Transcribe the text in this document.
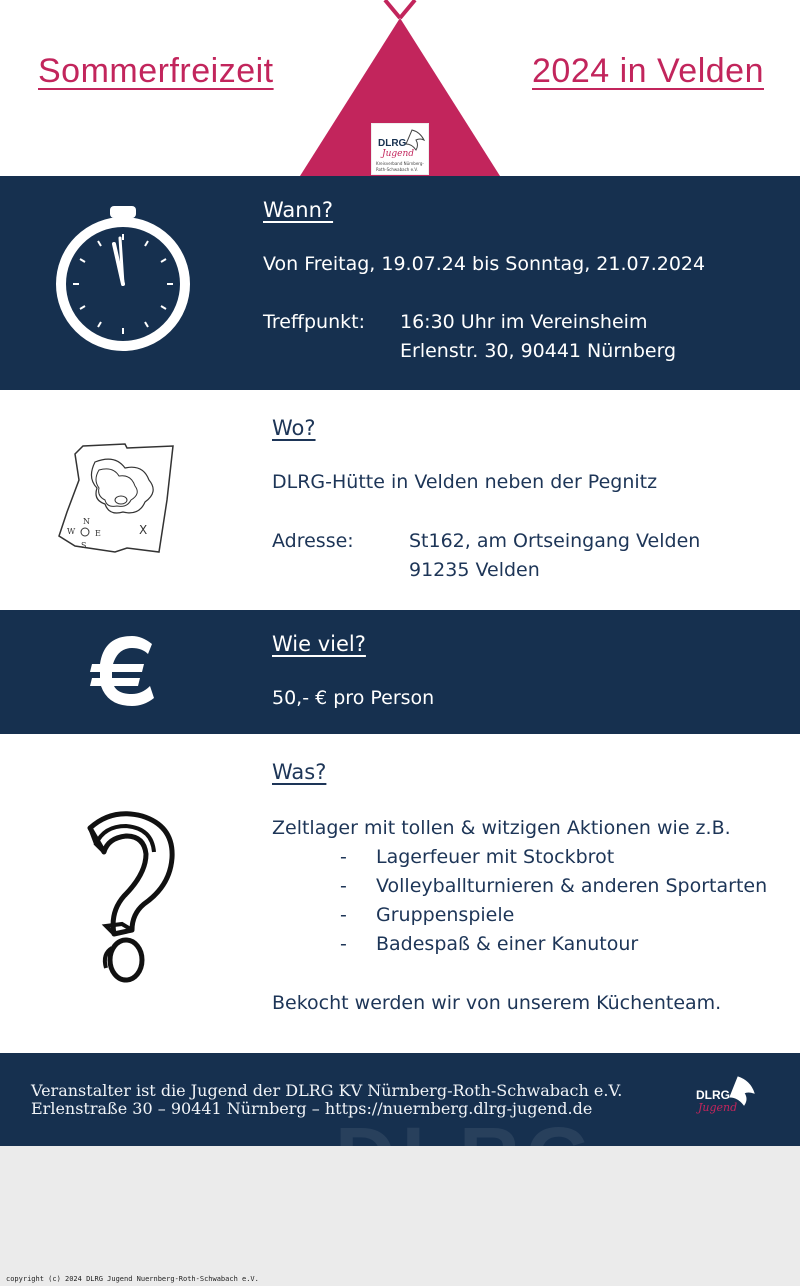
Sommerfreizeit	2024 in Velden
DLRG
Jugend
Kreisverband Nürnberg-
Roth-Schwabach e.V.
Wann?
Von Freitag, 19.07.24 bis Sonntag, 21.07.2024
Treffpunkt: 16:30 Uhr im Vereinsheim
Erlenstr. 30, 90441 Nürnberg
N
W E
S
X
Wo?
DLRG-Hütte in Velden neben der Pegnitz
Adresse:	St162, am Ortseingang Velden
91235 Velden
Wie viel?
50,- € pro Person
Was?
Zeltlager mit tollen & witzigen Aktionen wie z.B.
-	Lagerfeuer mit Stockbrot
-	Volleyballturnieren & anderen Sportarten
-	Gruppenspiele
-	Badespaß & einer Kanutour
Bekocht werden wir von unserem Küchenteam.
Veranstalter ist die Jugend der DLRG KV Nürnberg-Roth-Schwabach e.V.
Erlenstraße 30 – 90441 Nürnberg – https://nuernberg.dlrg-jugend.de
DLRG
Jugend
copyright (c) 2024 DLRG Jugend Nuernberg-Roth-Schwabach e.V.
